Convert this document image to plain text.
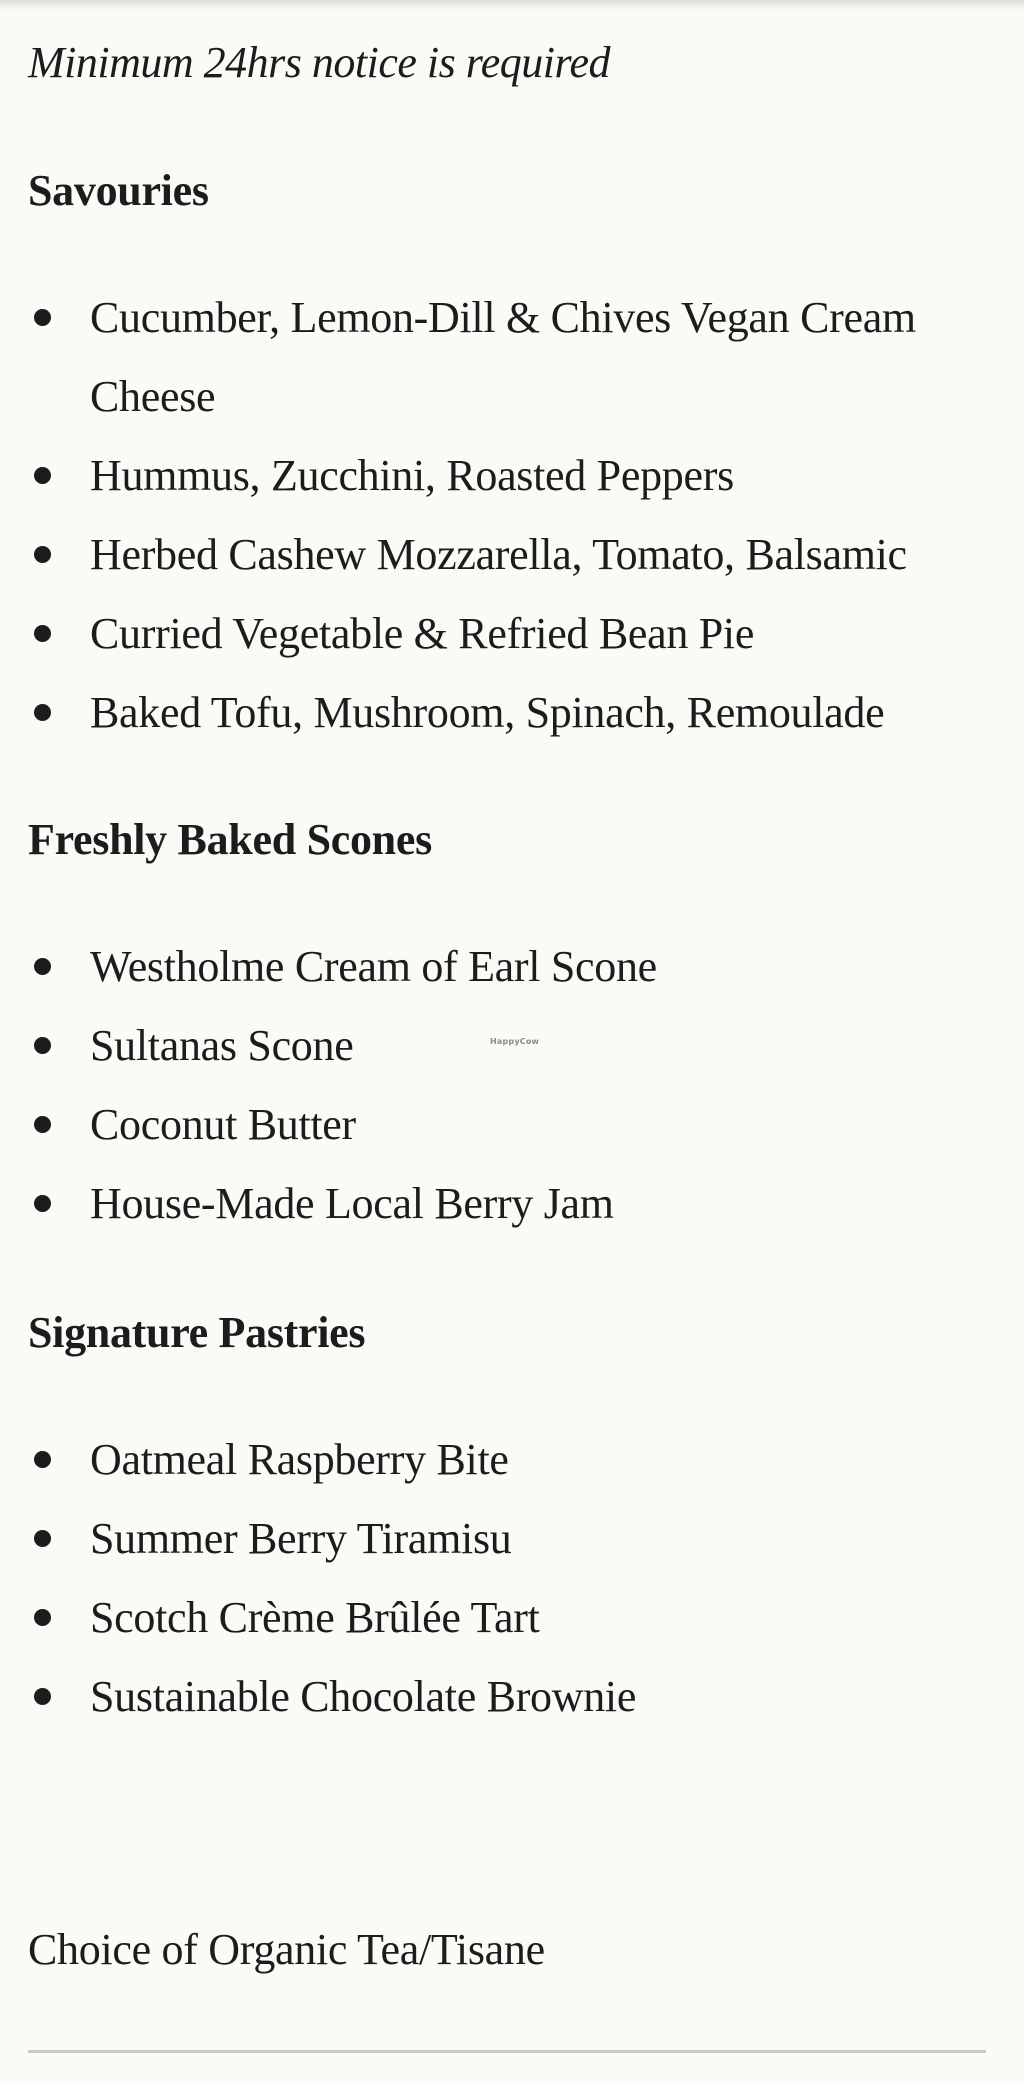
Minimum 24hrs notice is required

Savouries
Cucumber, Lemon-Dill & Chives Vegan Cream Cheese
Hummus, Zucchini, Roasted Peppers
Herbed Cashew Mozzarella, Tomato, Balsamic
Curried Vegetable & Refried Bean Pie
Baked Tofu, Mushroom, Spinach, Remoulade
Freshly Baked Scones
Westholme Cream of Earl Scone
Sultanas Scone
Coconut Butter
House-Made Local Berry Jam
Signature Pastries
Oatmeal Raspberry Bite
Summer Berry Tiramisu
Scotch Crème Brûlée Tart
Sustainable Chocolate Brownie

Choice of Organic Tea/Tisane

HappyCow
